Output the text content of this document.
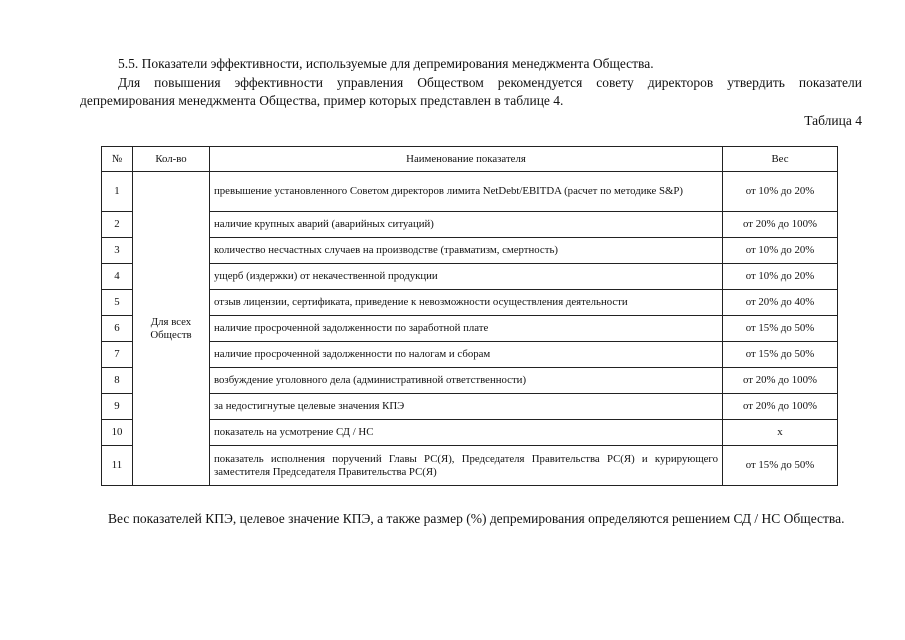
5.5. Показатели эффективности, используемые для депремирования менеджмента Общества.
Для повышения эффективности управления Обществом рекомендуется совету директоров утвердить показатели депремирования менеджмента Общества, пример которых представлен в таблице 4.
Таблица 4
№	Кол-во	Наименование показателя	Вес
1	Для всех Обществ	превышение установленного Советом директоров лимита NetDebt/EBITDA (расчет по методике S&P)	от 10% до 20%
2		наличие крупных аварий (аварийных ситуаций)	от 20% до 100%
3		количество несчастных случаев на производстве (травматизм, смертность)	от 10% до 20%
4		ущерб (издержки) от некачественной продукции	от 10% до 20%
5		отзыв лицензии, сертификата, приведение к невозможности осуществления деятельности	от 20% до 40%
6		наличие просроченной задолженности по заработной плате	от 15% до 50%
7		наличие просроченной задолженности по налогам и сборам	от 15% до 50%
8		возбуждение уголовного дела (административной ответственности)	от 20% до 100%
9		за недостигнутые целевые значения КПЭ	от 20% до 100%
10		показатель на усмотрение СД / НС	х
11		показатель исполнения поручений Главы РС(Я), Председателя Правительства РС(Я) и курирующего заместителя Председателя Правительства РС(Я)	от 15% до 50%
Вес показателей КПЭ, целевое значение КПЭ, а также размер (%) депремирования определяются решением СД / НС Общества.
